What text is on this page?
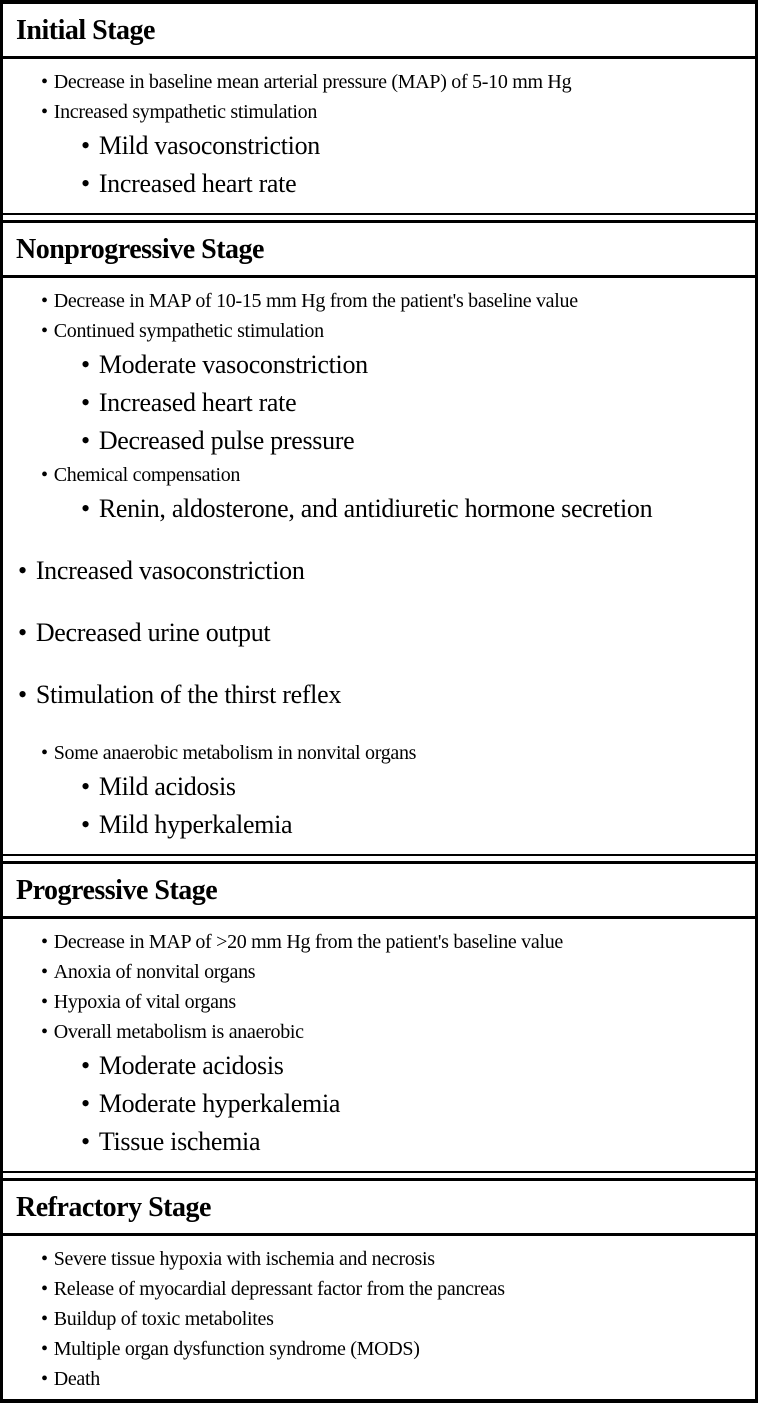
Initial Stage
• Decrease in baseline mean arterial pressure (MAP) of 5-10 mm Hg
• Increased sympathetic stimulation
• Mild vasoconstriction
• Increased heart rate
Nonprogressive Stage
• Decrease in MAP of 10-15 mm Hg from the patient's baseline value
• Continued sympathetic stimulation
• Moderate vasoconstriction
• Increased heart rate
• Decreased pulse pressure
• Chemical compensation
• Renin, aldosterone, and antidiuretic hormone secretion
• Increased vasoconstriction
• Decreased urine output
• Stimulation of the thirst reflex
• Some anaerobic metabolism in nonvital organs
• Mild acidosis
• Mild hyperkalemia
Progressive Stage
• Decrease in MAP of >20 mm Hg from the patient's baseline value
• Anoxia of nonvital organs
• Hypoxia of vital organs
• Overall metabolism is anaerobic
• Moderate acidosis
• Moderate hyperkalemia
• Tissue ischemia
Refractory Stage
• Severe tissue hypoxia with ischemia and necrosis
• Release of myocardial depressant factor from the pancreas
• Buildup of toxic metabolites
• Multiple organ dysfunction syndrome (MODS)
• Death
